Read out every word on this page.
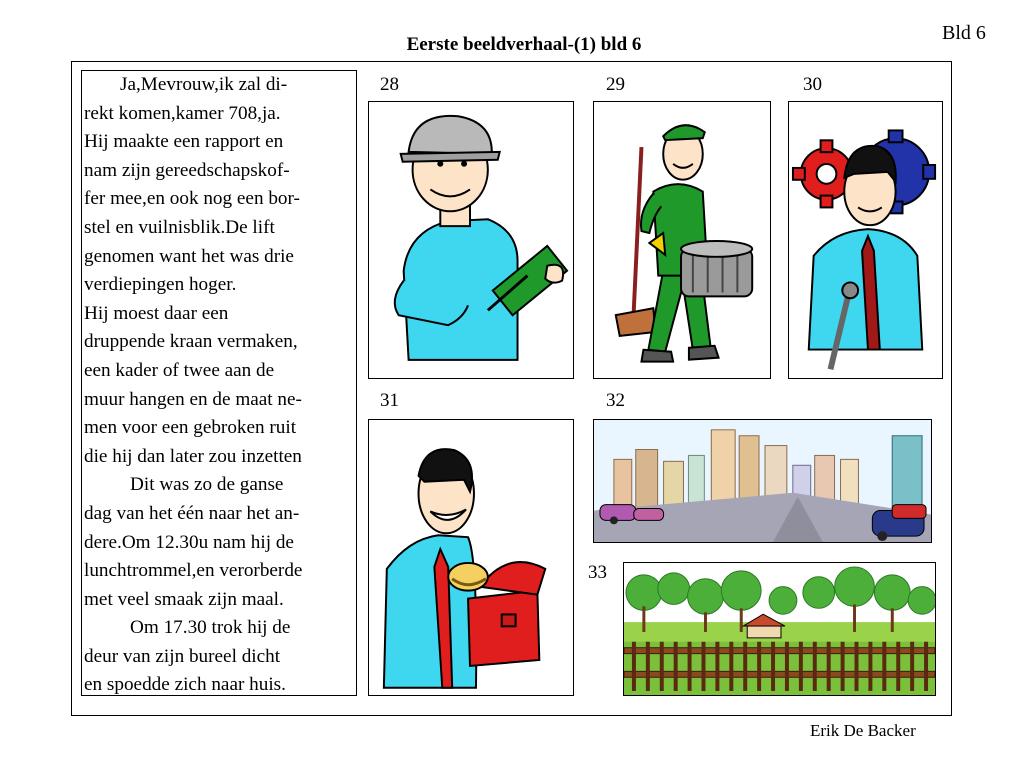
Bld 6
Eerste beeldverhaal-(1) bld 6

Ja,Mevrouw,ik zal di-

rekt komen,kamer 708,ja.

Hij maakte een rapport en

nam zijn gereedschapskof-

fer mee,en ook nog een bor-

stel en vuilnisblik.De lift

genomen want het was drie

verdiepingen hoger.

Hij moest daar een

druppende kraan vermaken,

een kader of twee aan de

muur hangen en de maat ne-

men voor een gebroken ruit

die hij dan later zou inzetten

Dit was zo de ganse

dag van het één naar het an-

dere.Om 12.30u nam hij de

lunchtrommel,en verorberde

met veel smaak zijn maal.

Om 17.30 trok hij de

deur van zijn bureel dicht

en spoedde zich naar huis.

28	29	30
31	32
33
Erik De Backer
